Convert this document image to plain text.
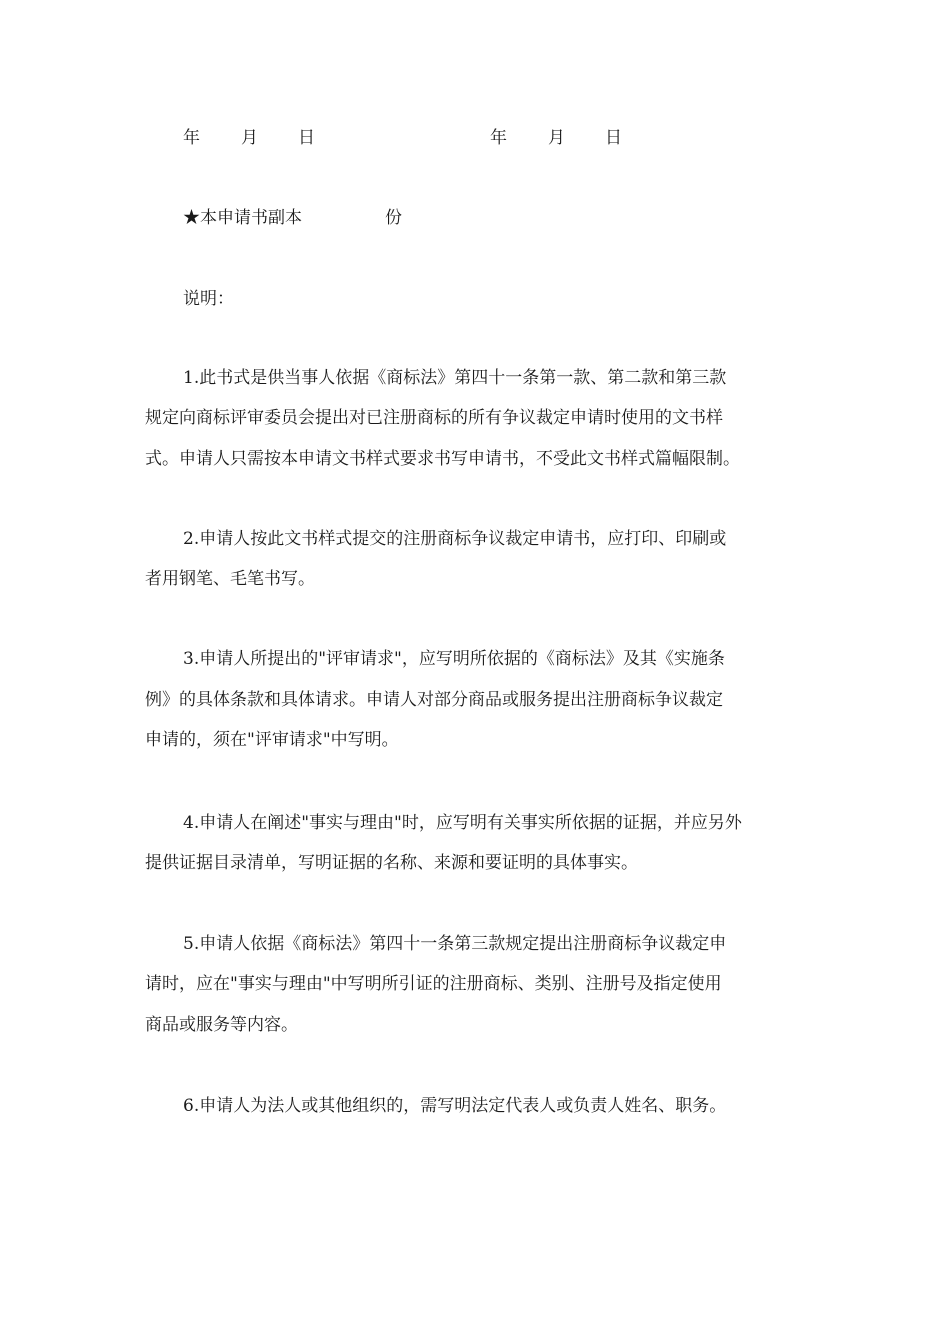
年 月 日	年 月 日
★本申请书副本	份
说明：
1.此书式是供当事人依据《商标法》第四十一条第一款、第二款和第三款
规定向商标评审委员会提出对已注册商标的所有争议裁定申请时使用的文书样
式。申请人只需按本申请文书样式要求书写申请书，不受此文书样式篇幅限制。
2.申请人按此文书样式提交的注册商标争议裁定申请书，应打印、印刷或
者用钢笔、毛笔书写。
3.申请人所提出的"评审请求"，应写明所依据的《商标法》及其《实施条
例》的具体条款和具体请求。申请人对部分商品或服务提出注册商标争议裁定
申请的，须在"评审请求"中写明。
4.申请人在阐述"事实与理由"时，应写明有关事实所依据的证据，并应另外
提供证据目录清单，写明证据的名称、来源和要证明的具体事实。
5.申请人依据《商标法》第四十一条第三款规定提出注册商标争议裁定申
请时，应在"事实与理由"中写明所引证的注册商标、类别、注册号及指定使用
商品或服务等内容。
6.申请人为法人或其他组织的，需写明法定代表人或负责人姓名、职务。
